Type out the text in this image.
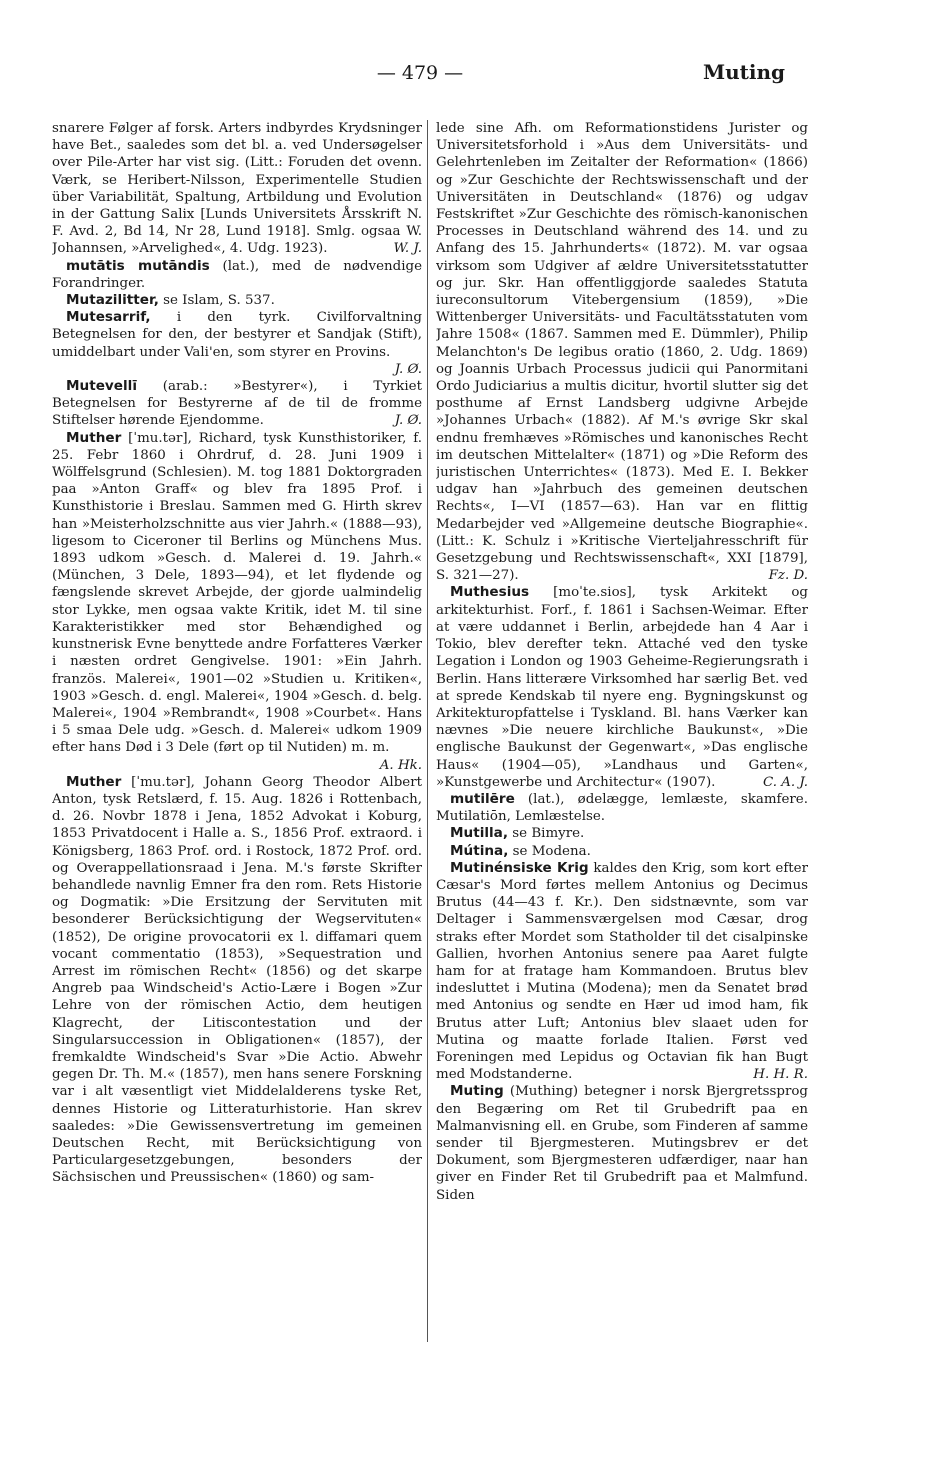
— 479 —	Muting

snarere Følger af forsk. Arters indbyrdes Krydsninger have Bet., saaledes som det bl. a. ved Undersøgelser over Pile-Arter har vist sig. (Litt.: Foruden det ovenn. Værk, se Heribert-Nilsson, Experimentelle Studien über Variabilität, Spaltung, Artbildung und Evolution in der Gattung Salix [Lunds Universitets Årsskrift N. F. Avd. 2, Bd 14, Nr 28, Lund 1918]. Smlg. ogsaa W. Johannsen, »Arvelighed«, 4. Udg. 1923).	W. J.

mutātis mutāndis (lat.), med de nødvendige Forandringer.

Mutazilitter, se Islam, S. 537.

Mutesarrif, i den tyrk. Civilforvaltning Betegnelsen for den, der bestyrer et Sandjak (Stift), umiddelbart under Vali'en, som styrer en Provins.
J. Ø.

Mutevellī (arab.: »Bestyrer«), i Tyrkiet Betegnelsen for Bestyrerne af de til de fromme Stiftelser hørende Ejendomme.	J. Ø.

Muther [ˈmu.tər], Richard, tysk Kunsthistoriker, f. 25. Febr 1860 i Ohrdruf, d. 28. Juni 1909 i Wölffelsgrund (Schlesien). M. tog 1881 Doktorgraden paa »Anton Graff« og blev fra 1895 Prof. i Kunsthistorie i Breslau. Sammen med G. Hirth skrev han »Meisterholzschnitte aus vier Jahrh.« (1888—93), ligesom to Ciceroner til Berlins og Münchens Mus. 1893 udkom »Gesch. d. Malerei d. 19. Jahrh.« (München, 3 Dele, 1893—94), et let flydende og fængslende skrevet Arbejde, der gjorde ualmindelig stor Lykke, men ogsaa vakte Kritik, idet M. til sine Karakteristikker med stor Behændighed og kunstnerisk Evne benyttede andre Forfatteres Værker i næsten ordret Gengivelse. 1901: »Ein Jahrh. französ. Malerei«, 1901—02 »Studien u. Kritiken«, 1903 »Gesch. d. engl. Malerei«, 1904 »Gesch. d. belg. Malerei«, 1904 »Rembrandt«, 1908 »Courbet«. Hans i 5 smaa Dele udg. »Gesch. d. Malerei« udkom 1909 efter hans Død i 3 Dele (ført op til Nutiden) m. m.
A. Hk.

Muther [ˈmu.tər], Johann Georg Theodor Albert Anton, tysk Retslærd, f. 15. Aug. 1826 i Rottenbach, d. 26. Novbr 1878 i Jena, 1852 Advokat i Koburg, 1853 Privatdocent i Halle a. S., 1856 Prof. extraord. i Königsberg, 1863 Prof. ord. i Rostock, 1872 Prof. ord. og Overappellationsraad i Jena. M.'s første Skrifter behandlede navnlig Emner fra den rom. Rets Historie og Dogmatik: »Die Ersitzung der Servituten mit besonderer Berücksichtigung der Wegservituten« (1852), De origine provocatorii ex l. diffamari quem vocant commentatio (1853), »Sequestration und Arrest im römischen Recht« (1856) og det skarpe Angreb paa Windscheid's Actio-Lære i Bogen »Zur Lehre von der römischen Actio, dem heutigen Klagrecht, der Litiscontestation und der Singularsuccession in Obligationen« (1857), der fremkaldte Windscheid's Svar »Die Actio. Abwehr gegen Dr. Th. M.« (1857), men hans senere Forskning var i alt væsentligt viet Middelalderens tyske Ret, dennes Historie og Litteraturhistorie. Han skrev saaledes: »Die Gewissensvertretung im gemeinen Deutschen Recht, mit Berücksichtigung von Particulargesetzgebungen, besonders der Sächsischen und Preussischen« (1860) og sam-

lede sine Afh. om Reformationstidens Jurister og Universitetsforhold i »Aus dem Universitäts- und Gelehrtenleben im Zeitalter der Reformation« (1866) og »Zur Geschichte der Rechtswissenschaft und der Universitäten in Deutschland« (1876) og udgav Festskriftet »Zur Geschichte des römisch-kanonischen Processes in Deutschland während des 14. und zu Anfang des 15. Jahrhunderts« (1872). M. var ogsaa virksom som Udgiver af ældre Universitetsstatutter og jur. Skr. Han offentliggjorde saaledes Statuta iureconsultorum Vitebergensium (1859), »Die Wittenberger Universitäts- und Facultätsstatuten vom Jahre 1508« (1867. Sammen med E. Dümmler), Philip Melanchton's De legibus oratio (1860, 2. Udg. 1869) og Joannis Urbach Processus judicii qui Panormitani Ordo Judiciarius a multis dicitur, hvortil slutter sig det posthume af Ernst Landsberg udgivne Arbejde »Johannes Urbach« (1882). Af M.'s øvrige Skr skal endnu fremhæves »Römisches und kanonisches Recht im deutschen Mittelalter« (1871) og »Die Reform des juristischen Unterrichtes« (1873). Med E. I. Bekker udgav han »Jahrbuch des gemeinen deutschen Rechts«, I—VI (1857—63). Han var en flittig Medarbejder ved »Allgemeine deutsche Biographie«. (Litt.: K. Schulz i »Kritische Vierteljahresschrift für Gesetzgebung und Rechtswissenschaft«, XXI [1879], S. 321—27).	Fz. D.

Muthesius [moˈte.sios], tysk Arkitekt og arkitekturhist. Forf., f. 1861 i Sachsen-Weimar. Efter at være uddannet i Berlin, arbejdede han 4 Aar i Tokio, blev derefter tekn. Attaché ved den tyske Legation i London og 1903 Geheime-Regierungsrath i Berlin. Hans litterære Virksomhed har særlig Bet. ved at sprede Kendskab til nyere eng. Bygningskunst og Arkitekturopfattelse i Tyskland. Bl. hans Værker kan nævnes »Die neuere kirchliche Baukunst«, »Die englische Baukunst der Gegenwart«, »Das englische Haus« (1904—05), »Landhaus und Garten«, »Kunstgewerbe und Architectur« (1907).	C. A. J.

mutilēre (lat.), ødelægge, lemlæste, skamfere. Mutilatiōn, Lemlæstelse.

Mutilla, se Bimyre.

Mútina, se Modena.

Mutinénsiske Krig kaldes den Krig, som kort efter Cæsar's Mord førtes mellem Antonius og Decimus Brutus (44—43 f. Kr.). Den sidstnævnte, som var Deltager i Sammensværgelsen mod Cæsar, drog straks efter Mordet som Statholder til det cisalpinske Gallien, hvorhen Antonius senere paa Aaret fulgte ham for at fratage ham Kommandoen. Brutus blev indesluttet i Mutina (Modena); men da Senatet brød med Antonius og sendte en Hær ud imod ham, fik Brutus atter Luft; Antonius blev slaaet uden for Mutina og maatte forlade Italien. Først ved Foreningen med Lepidus og Octavian fik han Bugt med Modstanderne.	H. H. R.

Muting (Muthing) betegner i norsk Bjergretssprog den Begæring om Ret til Grubedrift paa en Malmanvisning ell. en Grube, som Finderen af samme sender til Bjergmesteren. Mutingsbrev er det Dokument, som Bjergmesteren udfærdiger, naar han giver en Finder Ret til Grubedrift paa et Malmfund. Siden
